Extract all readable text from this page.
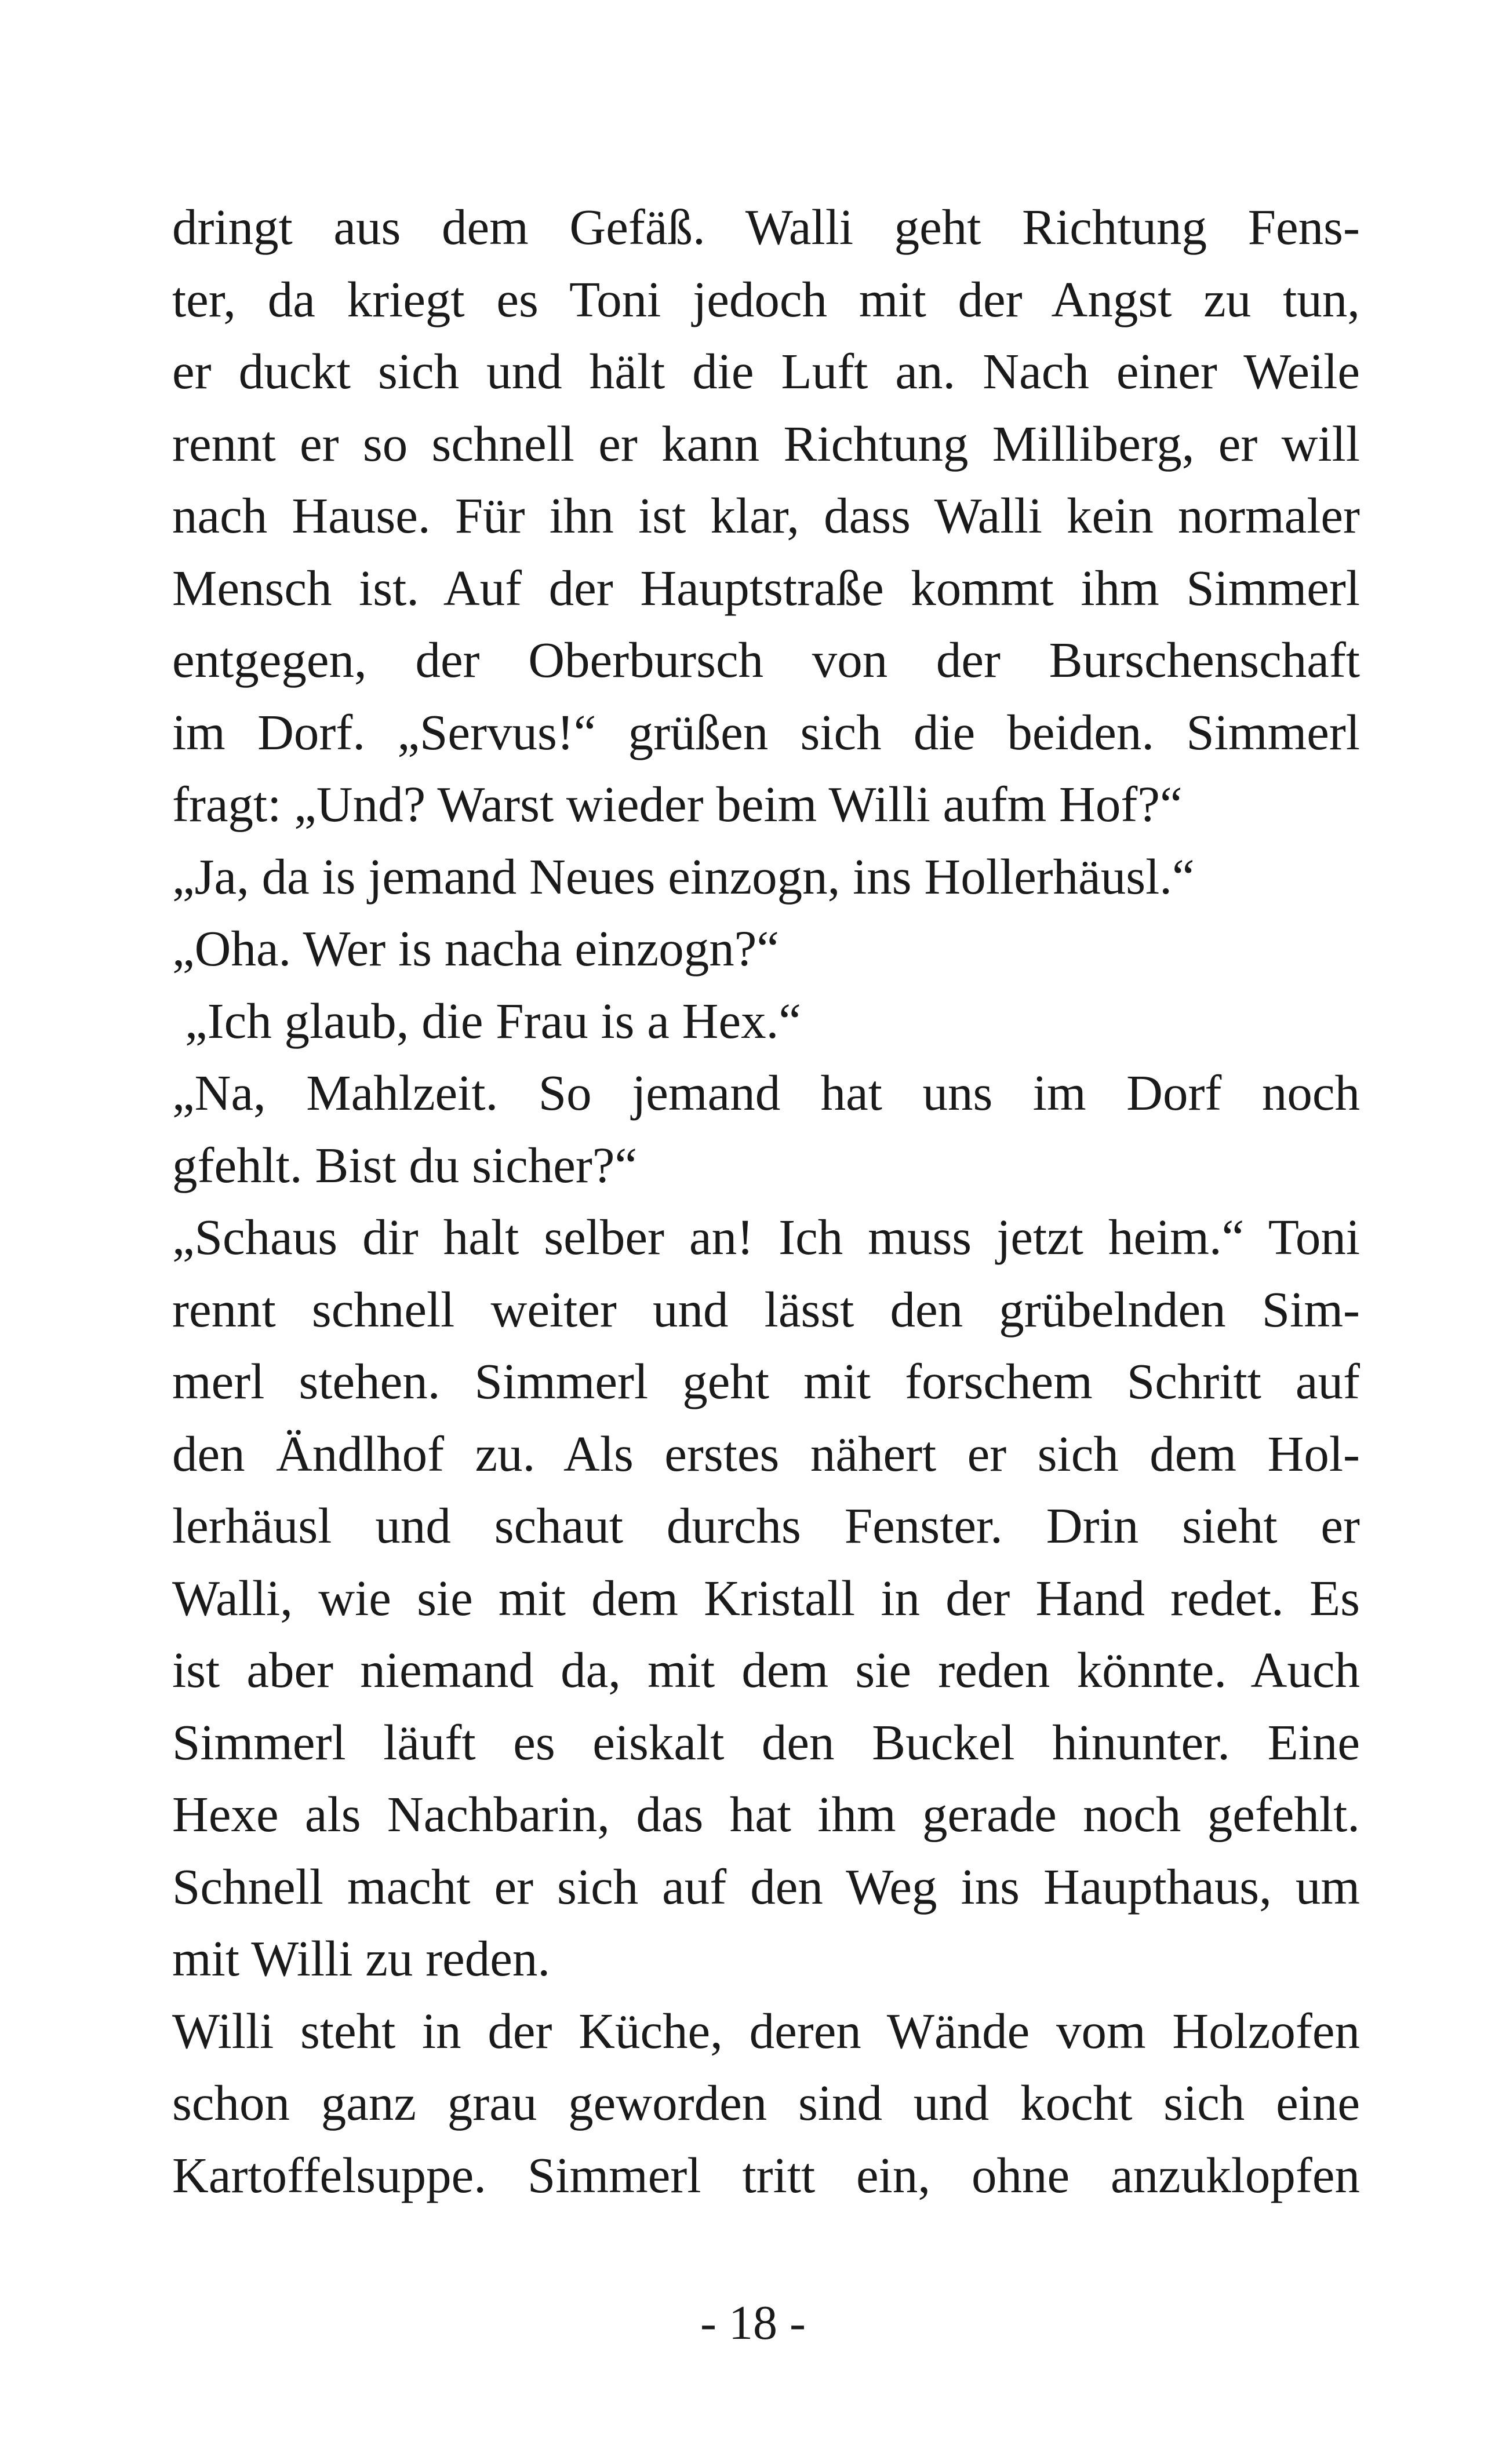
dringt aus dem Gefäß. Walli geht Richtung Fens-
ter, da kriegt es Toni jedoch mit der Angst zu tun,
er duckt sich und hält die Luft an. Nach einer Weile
rennt er so schnell er kann Richtung Milliberg, er will
nach Hause. Für ihn ist klar, dass Walli kein normaler
Mensch ist. Auf der Hauptstraße kommt ihm Simmerl
entgegen, der Oberbursch von der Burschenschaft
im Dorf. „Servus!“ grüßen sich die beiden. Simmerl
fragt: „Und? Warst wieder beim Willi aufm Hof?“
„Ja, da is jemand Neues einzogn, ins Hollerhäusl.“
„Oha. Wer is nacha einzogn?“
„Ich glaub, die Frau is a Hex.“
„Na, Mahlzeit. So jemand hat uns im Dorf noch
gfehlt. Bist du sicher?“
„Schaus dir halt selber an! Ich muss jetzt heim.“ Toni
rennt schnell weiter und lässt den grübelnden Sim-
merl stehen. Simmerl geht mit forschem Schritt auf
den Ändlhof zu. Als erstes nähert er sich dem Hol-
lerhäusl und schaut durchs Fenster. Drin sieht er
Walli, wie sie mit dem Kristall in der Hand redet. Es
ist aber niemand da, mit dem sie reden könnte. Auch
Simmerl läuft es eiskalt den Buckel hinunter. Eine
Hexe als Nachbarin, das hat ihm gerade noch gefehlt.
Schnell macht er sich auf den Weg ins Haupthaus, um
mit Willi zu reden.
Willi steht in der Küche, deren Wände vom Holzofen
schon ganz grau geworden sind und kocht sich eine
Kartoffelsuppe. Simmerl tritt ein, ohne anzuklopfen
- 18 -
